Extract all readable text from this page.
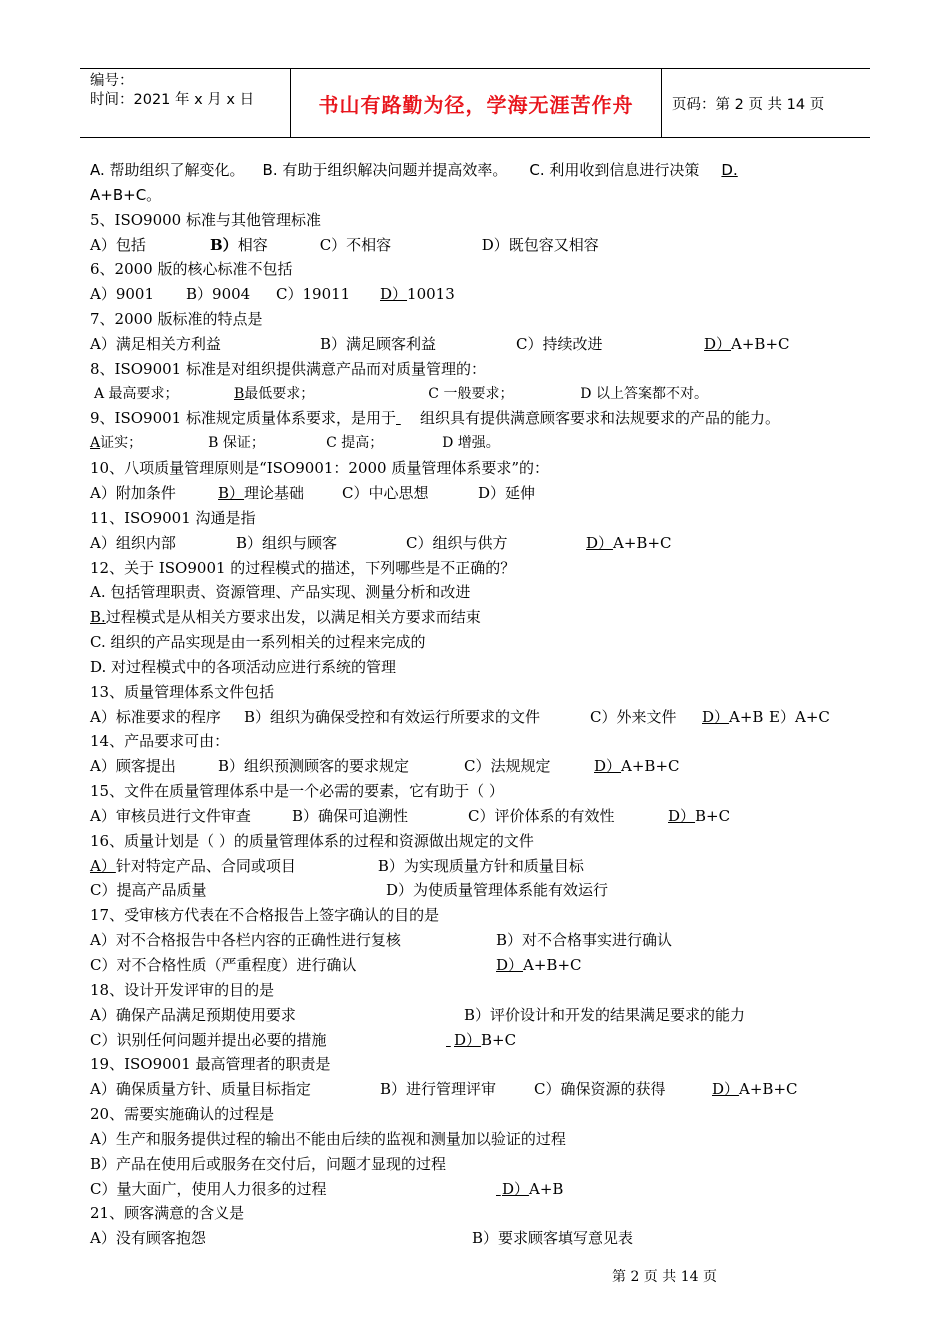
编号：
时间：2021 年 x 月 x 日	书山有路勤为径，学海无涯苦作舟	页码：第 2 页 共 14 页
A. 帮助组织了解变化。 B. 有助于组织解决问题并提高效率。 C. 利用收到信息进行决策 D.
A+B+C。
5、ISO9000 标准与其他管理标准
A）包括	B）相容	C）不相容	D）既包容又相容
6、2000 版的核心标准不包括
A）9001 B）9004 C）19011 D）10013
7、2000 版标准的特点是
A）满足相关方利益	B）满足顾客利益	C）持续改进	D）A+B+C
8、ISO9001 标准是对组织提供满意产品而对质量管理的：
A 最高要求；	B最低要求；	C 一般要求；	D 以上答案都不对。
9、ISO9001 标准规定质量体系要求，是用于 组织具有提供满意顾客要求和法规要求的产品的能力。
A证实；	B 保证；	C 提高；	D 增强。
10、八项质量管理原则是“ISO9001：2000 质量管理体系要求”的：
A）附加条件	B）理论基础	C）中心思想	D）延伸
11、ISO9001 沟通是指
A）组织内部	B）组织与顾客	C）组织与供方	D）A+B+C
12、关于 ISO9001 的过程模式的描述，下列哪些是不正确的？
A. 包括管理职责、资源管理、产品实现、测量分析和改进
B.过程模式是从相关方要求出发，以满足相关方要求而结束
C. 组织的产品实现是由一系列相关的过程来完成的
D. 对过程模式中的各项活动应进行系统的管理
13、质量管理体系文件包括
A）标准要求的程序 B）组织为确保受控和有效运行所要求的文件	C）外来文件 D）A+B E）A+C
14、产品要求可由：
A）顾客提出	B）组织预测顾客的要求规定	C）法规规定	D）A+B+C
15、文件在质量管理体系中是一个必需的要素，它有助于（ ）
A）审核员进行文件审查	B）确保可追溯性	C）评价体系的有效性	D）B+C
16、质量计划是（ ）的质量管理体系的过程和资源做出规定的文件
A）针对特定产品、合同或项目	B）为实现质量方针和质量目标
C）提高产品质量	D）为使质量管理体系能有效运行
17、受审核方代表在不合格报告上签字确认的目的是
A）对不合格报告中各栏内容的正确性进行复核	B）对不合格事实进行确认
C）对不合格性质（严重程度）进行确认	D）A+B+C
18、设计开发评审的目的是
A）确保产品满足预期使用要求	B）评价设计和开发的结果满足要求的能力
C）识别任何问题并提出必要的措施	D）B+C
19、ISO9001 最高管理者的职责是
A）确保质量方针、质量目标指定	B）进行管理评审	C）确保资源的获得	D）A+B+C
20、需要实施确认的过程是
A）生产和服务提供过程的输出不能由后续的监视和测量加以验证的过程
B）产品在使用后或服务在交付后，问题才显现的过程
C）量大面广，使用人力很多的过程	D）A+B
21、顾客满意的含义是
A）没有顾客抱怨	B）要求顾客填写意见表
第 2 页 共 14 页
